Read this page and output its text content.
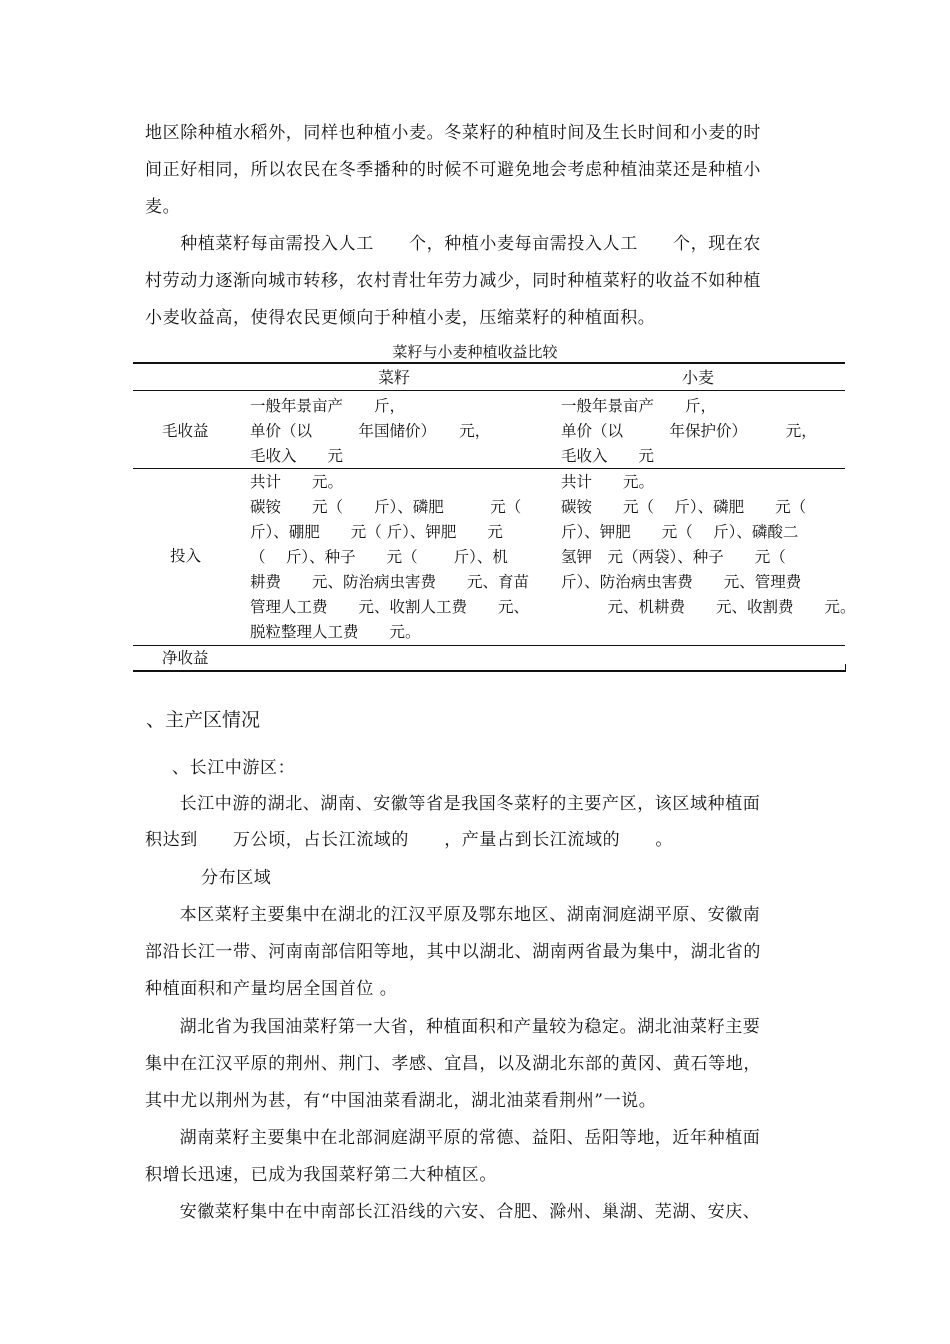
地区除种植水稻外，同样也种植小麦。冬菜籽的种植时间及生长时间和小麦的时
间正好相同，所以农民在冬季播种的时候不可避免地会考虑种植油菜还是种植小
麦。
　　种植菜籽每亩需投入人工　　个，种植小麦每亩需投入人工　　个，现在农
村劳动力逐渐向城市转移，农村青壮年劳力减少，同时种植菜籽的收益不如种植
小麦收益高，使得农民更倾向于种植小麦，压缩菜籽的种植面积。
菜籽与小麦种植收益比较
菜籽	小麦
毛收益
一般年景亩产　　斤，
单价（以　　　年国储价）　　元，
毛收入　　元
一般年景亩产　　斤，
单价（以　　　年保护价）　　　元，
毛收入　　元
投入
共计　　元。
碳铵　　元（　　斤）、磷肥　　　元（
斤）、硼肥　　元（ 斤）、钾肥　　元
（　 斤）、种子　　元（　　 斤）、机
耕费　　元、防治病虫害费　　元、育苗
管理人工费　　元、收割人工费　　元、
脱粒整理人工费　　元。
共计　　元。
碳铵　　元（　 斤）、磷肥　　元（
斤）、钾肥　　元（　 斤）、磷酸二
氢钾　元（两袋）、种子　　元（
斤）、防治病虫害费　　元、管理费
　　　元、机耕费　　元、收割费　　元。
净收益
、主产区情况
、长江中游区：
　长江中游的湖北、湖南、安徽等省是我国冬菜籽的主要产区，该区域种植面
积达到　　万公顷，占长江流域的　　，产量占到长江流域的　　。
分布区域
　本区菜籽主要集中在湖北的江汉平原及鄂东地区、湖南洞庭湖平原、安徽南
部沿长江一带、河南南部信阳等地，其中以湖北、湖南两省最为集中，湖北省的
种植面积和产量均居全国首位 。
　湖北省为我国油菜籽第一大省，种植面积和产量较为稳定。湖北油菜籽主要
集中在江汉平原的荆州、荆门、孝感、宜昌，以及湖北东部的黄冈、黄石等地，
其中尤以荆州为甚，有“中国油菜看湖北，湖北油菜看荆州”一说。
　湖南菜籽主要集中在北部洞庭湖平原的常德、益阳、岳阳等地，近年种植面
积增长迅速，已成为我国菜籽第二大种植区。
　安徽菜籽集中在中南部长江沿线的六安、合肥、滁州、巢湖、芜湖、安庆、
